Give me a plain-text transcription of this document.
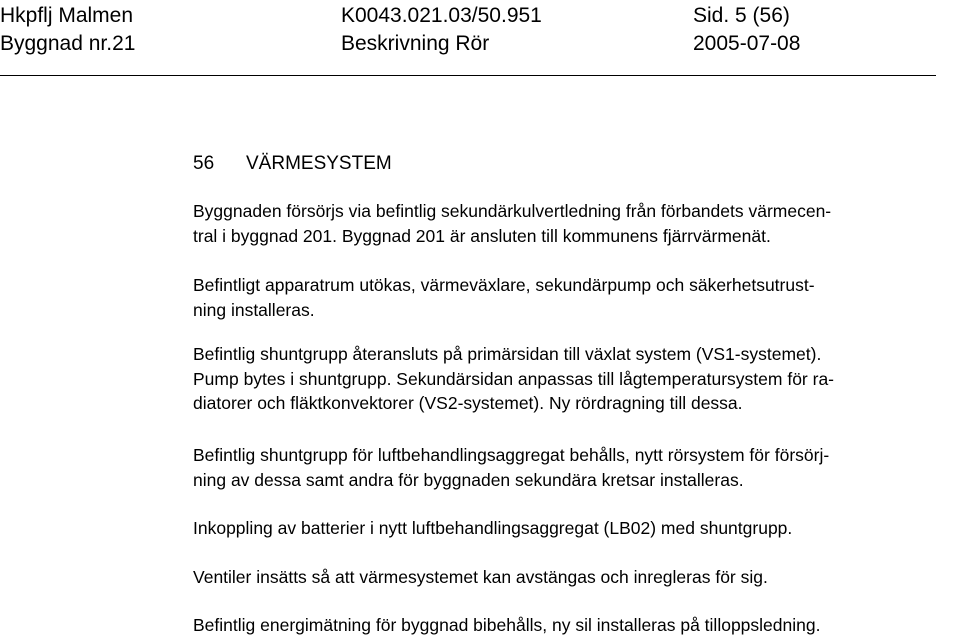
Hkpflj Malmen	K0043.021.03/50.951	Sid. 5 (56)
Byggnad nr.21	Beskrivning Rör	2005-07-08
56 VÄRMESYSTEM
Byggnaden försörjs via befintlig sekundärkulvertledning från förbandets värmecen-
tral i byggnad 201. Byggnad 201 är ansluten till kommunens fjärrvärmenät.
Befintligt apparatrum utökas, värmeväxlare, sekundärpump och säkerhetsutrust-
ning installeras.
Befintlig shuntgrupp återansluts på primärsidan till växlat system (VS1-systemet).
Pump bytes i shuntgrupp. Sekundärsidan anpassas till lågtemperatursystem för ra-
diatorer och fläktkonvektorer (VS2-systemet). Ny rördragning till dessa.
Befintlig shuntgrupp för luftbehandlingsaggregat behålls, nytt rörsystem för försörj-
ning av dessa samt andra för byggnaden sekundära kretsar installeras.
Inkoppling av batterier i nytt luftbehandlingsaggregat (LB02) med shuntgrupp.
Ventiler insätts så att värmesystemet kan avstängas och inregleras för sig.
Befintlig energimätning för byggnad bibehålls, ny sil installeras på tilloppsledning.
